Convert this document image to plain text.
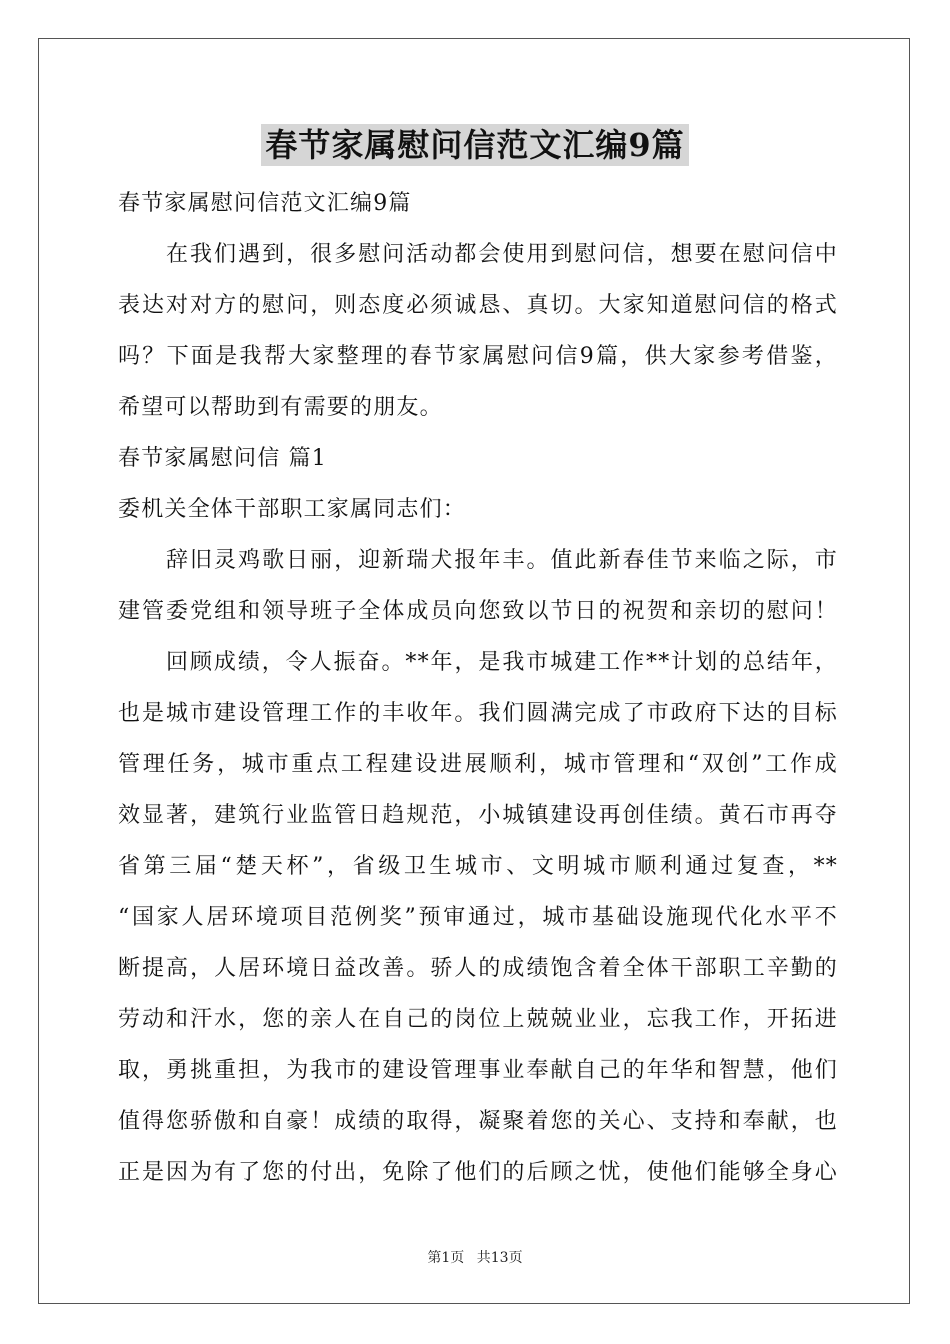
春节家属慰问信范文汇编9篇
春节家属慰问信范文汇编9篇
在我们遇到，很多慰问活动都会使用到慰问信，想要在慰问信中
表达对对方的慰问，则态度必须诚恳、真切。大家知道慰问信的格式
吗？下面是我帮大家整理的春节家属慰问信9篇，供大家参考借鉴，
希望可以帮助到有需要的朋友。
春节家属慰问信 篇1
委机关全体干部职工家属同志们：
辞旧灵鸡歌日丽，迎新瑞犬报年丰。值此新春佳节来临之际，市
建管委党组和领导班子全体成员向您致以节日的祝贺和亲切的慰问！
回顾成绩，令人振奋。**年，是我市城建工作**计划的总结年，
也是城市建设管理工作的丰收年。我们圆满完成了市政府下达的目标
管理任务，城市重点工程建设进展顺利，城市管理和“双创”工作成
效显著，建筑行业监管日趋规范，小城镇建设再创佳绩。黄石市再夺
省第三届“楚天杯”，省级卫生城市、文明城市顺利通过复查，**
“国家人居环境项目范例奖”预审通过，城市基础设施现代化水平不
断提高，人居环境日益改善。骄人的成绩饱含着全体干部职工辛勤的
劳动和汗水，您的亲人在自己的岗位上兢兢业业，忘我工作，开拓进
取，勇挑重担，为我市的建设管理事业奉献自己的年华和智慧，他们
值得您骄傲和自豪！成绩的取得，凝聚着您的关心、支持和奉献，也
正是因为有了您的付出，免除了他们的后顾之忧，使他们能够全身心
第1页 共13页
